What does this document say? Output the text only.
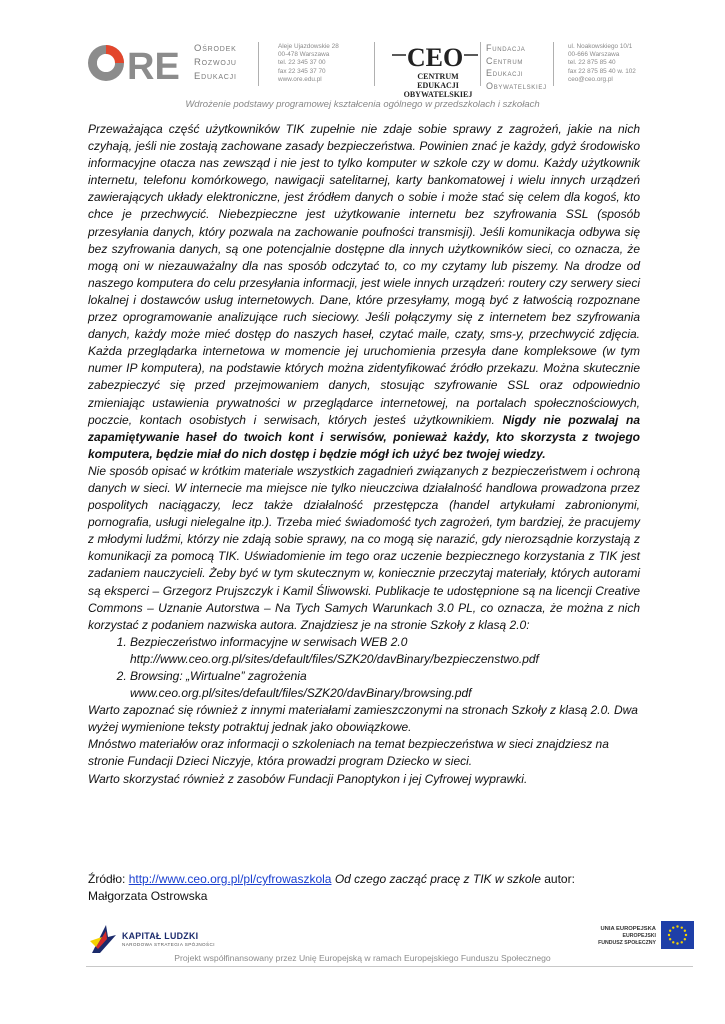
RE Ośrodek
Rozwoju
Edukacji
Aleje Ujazdowskie 28
00-478 Warszawa
tel. 22 345 37 00
fax 22 345 37 70
www.ore.edu.pl
CEO
CENTRUM EDUKACJI
OBYWATELSKIEJ
Fundacja
Centrum
Edukacji
Obywatelskiej
ul. Noakowskiego 10/1
00-666 Warszawa
tel. 22 875 85 40
fax 22 875 85 40 w. 102
ceo@ceo.org.pl
Wdrożenie podstawy programowej kształcenia ogólnego w przedszkolach i szkołach

Przeważająca część użytkowników TIK zupełnie nie zdaje sobie sprawy z zagrożeń, jakie na nich czyhają, jeśli nie zostają zachowane zasady bezpieczeństwa. Powinien znać je każdy, gdyż środowisko informacyjne otacza nas zewsząd i nie jest to tylko komputer w szkole czy w domu. Każdy użytkownik internetu, telefonu komórkowego, nawigacji satelitarnej, karty bankomatowej i wielu innych urządzeń zawierających układy elektroniczne, jest źródłem danych o sobie i może stać się celem dla kogoś, kto chce je przechwycić. Niebezpieczne jest użytkowanie internetu bez szyfrowania SSL (sposób przesyłania danych, który pozwala na zachowanie poufności transmisji). Jeśli komunikacja odbywa się bez szyfrowania danych, są one potencjalnie dostępne dla innych użytkowników sieci, co oznacza, że mogą oni w niezauważalny dla nas sposób odczytać to, co my czytamy lub piszemy. Na drodze od naszego komputera do celu przesyłania informacji, jest wiele innych urządzeń: routery czy serwery sieci lokalnej i dostawców usług internetowych. Dane, które przesyłamy, mogą być z łatwością rozpoznane przez oprogramowanie analizujące ruch sieciowy. Jeśli połączymy się z internetem bez szyfrowania danych, każdy może mieć dostęp do naszych haseł, czytać maile, czaty, sms-y, przechwycić zdjęcia. Każda przeglądarka internetowa w momencie jej uruchomienia przesyła dane kompleksowe (w tym numer IP komputera), na podstawie których można zidentyfikować źródło przekazu. Można skutecznie zabezpieczyć się przed przejmowaniem danych, stosując szyfrowanie SSL oraz odpowiednio zmieniając ustawienia prywatności w przeglądarce internetowej, na portalach społecznościowych, poczcie, kontach osobistych i serwisach, których jesteś użytkownikiem. Nigdy nie pozwalaj na zapamiętywanie haseł do twoich kont i serwisów, ponieważ każdy, kto skorzysta z twojego komputera, będzie miał do nich dostęp i będzie mógł ich użyć bez twojej wiedzy.

Nie sposób opisać w krótkim materiale wszystkich zagadnień związanych z bezpieczeństwem i ochroną danych w sieci. W internecie ma miejsce nie tylko nieuczciwa działalność handlowa prowadzona przez pospolitych naciągaczy, lecz także działalność przestępcza (handel artykułami zabronionymi, pornografia, usługi nielegalne itp.). Trzeba mieć świadomość tych zagrożeń, tym bardziej, że pracujemy z młodymi ludźmi, którzy nie zdają sobie sprawy, na co mogą się narazić, gdy nierozsądnie korzystają z komunikacji za pomocą TIK. Uświadomienie im tego oraz uczenie bezpiecznego korzystania z TIK jest zadaniem nauczycieli. Żeby być w tym skutecznym w, koniecznie przeczytaj materiały, których autorami są eksperci – Grzegorz Prujszczyk i Kamil Śliwowski. Publikacje te udostępnione są na licencji Creative Commons – Uznanie Autorstwa – Na Tych Samych Warunkach 3.0 PL, co oznacza, że można z nich korzystać z podaniem nazwiska autora. Znajdziesz je na stronie Szkoły z klasą 2.0:

1. Bezpieczeństwo informacyjne w serwisach WEB 2.0
http://www.ceo.org.pl/sites/default/files/SZK20/davBinary/bezpieczenstwo.pdf
2. Browsing: „Wirtualne” zagrożenia
www.ceo.org.pl/sites/default/files/SZK20/davBinary/browsing.pdf

Warto zapoznać się również z innymi materiałami zamieszczonymi na stronach Szkoły z klasą 2.0. Dwa wyżej wymienione teksty potraktuj jednak jako obowiązkowe.

Mnóstwo materiałów oraz informacji o szkoleniach na temat bezpieczeństwa w sieci znajdziesz na stronie Fundacji Dzieci Niczyje, która prowadzi program Dziecko w sieci.

Warto skorzystać również z zasobów Fundacji Panoptykon i jej Cyfrowej wyprawki.

Źródło: http://www.ceo.org.pl/pl/cyfrowaszkola Od czego zacząć pracę z TIK w szkole autor:
Małgorzata Ostrowska
KAPITAŁ LUDZKI
NARODOWA STRATEGIA SPÓJNOŚCI
UNIA EUROPEJSKA
EUROPEJSKI
FUNDUSZ SPOŁECZNY
Projekt współfinansowany przez Unię Europejską w ramach Europejskiego Funduszu Społecznego
